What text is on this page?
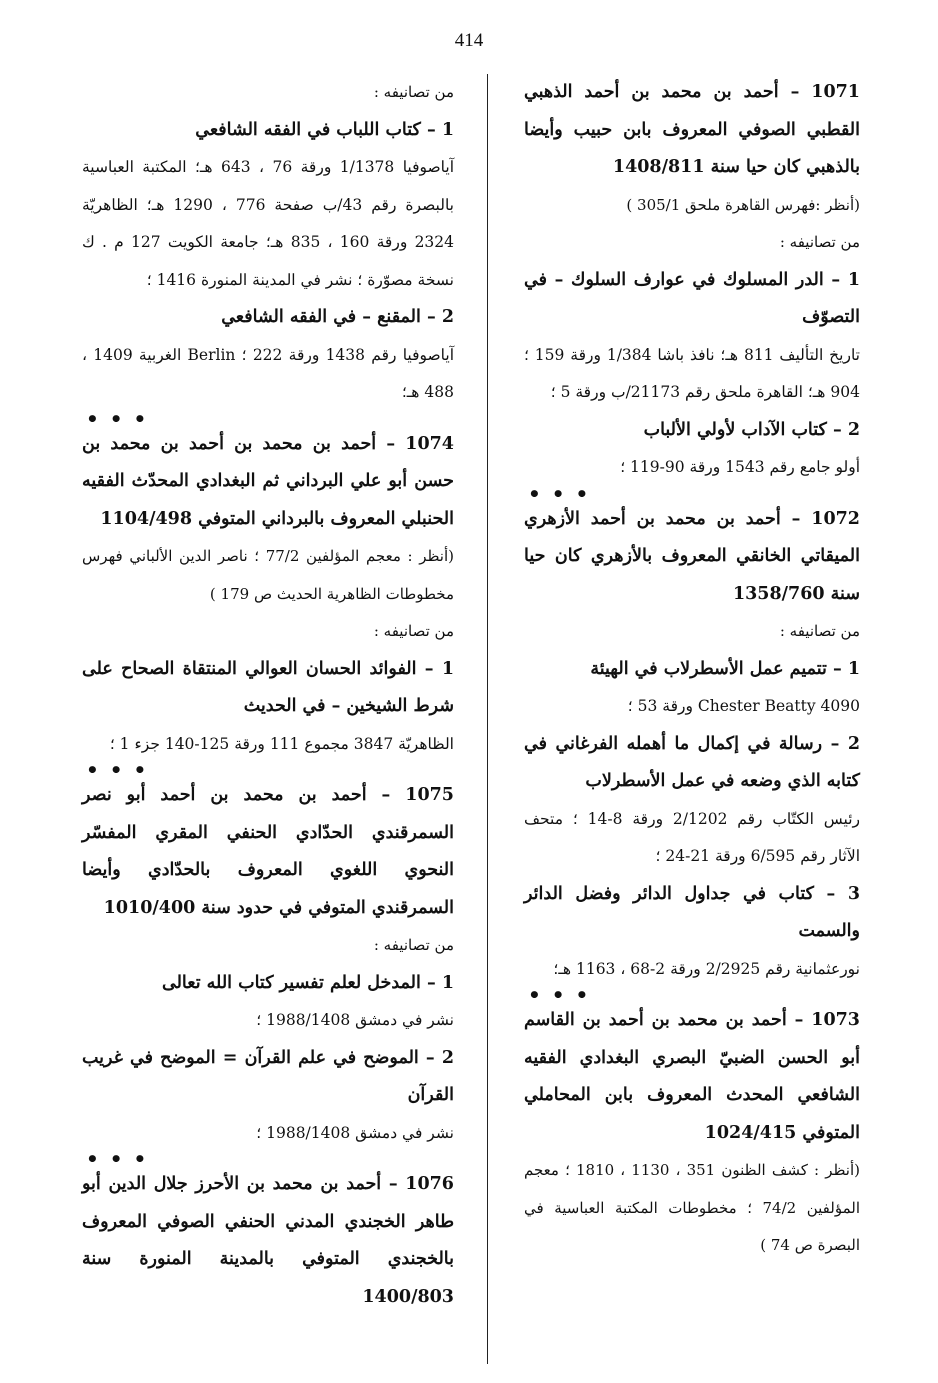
414
1071 – أحمد بن محمد بن أحمد الذهبي القطبي الصوفي المعروف بابن حبيب وأيضا بالذهبي كان حيا سنة 1408/811
(أنظر :فهرس القاهرة ملحق 305/1 )
من تصانيفه :
1 – الدر المسلوك في عوارف السلوك – في التصوّف
تاريخ التأليف 811 هـ؛ نافذ باشا 1/384 ورقة 159 ؛ 904 هـ؛ القاهرة ملحق رقم 21173/ب ورقة 5 ؛
2 – كتاب الآداب لأولي الألباب
أولو جامع رقم 1543 ورقة 90-119 ؛
• • •
1072 – أحمد بن محمد بن أحمد الأزهري الميقاتي الخانقي المعروف بالأزهري كان حيا سنة 1358/760
من تصانيفه :
1 – تتميم عمل الأسطرلاب في الهيئة
4090 Chester Beatty ورقة 53 ؛
2 – رسالة في إكمال ما أهمله الفرغاني في كتابه الذي وضعه في عمل الأسطرلاب
رئيس الكتّاب رقم 2/1202 ورقة 8-14 ؛ متحف الآثار رقم 6/595 ورقة 21-24 ؛
3 – كتاب في جداول الدائر وفضل الدائر والسمت
نورعثمانية رقم 2/2925 ورقة 2-68 ، 1163 هـ؛
• • •
1073 – أحمد بن محمد بن أحمد بن القاسم أبو الحسن الضبيّ البصري البغدادي الفقيه الشافعي المحدث المعروف بابن المحاملي المتوفي 1024/415
(أنظر : كشف الظنون 351 ، 1130 ، 1810 ؛ معجم المؤلفين 74/2 ؛ مخطوطات المكتبة العباسية في البصرة ص 74 )
من تصانيفه :
1 – كتاب اللباب في الفقه الشافعي
آياصوفيا 1/1378 ورقة 76 ، 643 هـ؛ المكتبة العباسية بالبصرة رقم 43/ب صفحة 776 ، 1290 هـ؛ الظاهريّة 2324 ورقة 160 ، 835 هـ؛ جامعة الكويت 127 م . ك نسخة مصوّرة ؛ نشر في المدينة المنورة 1416 ؛
2 – المقنع – في الفقه الشافعي
آياصوفيا رقم 1438 ورقة 222 ؛ Berlin الغربية 1409 ، 488 هـ؛
• • •
1074 – أحمد بن محمد بن أحمد بن محمد بن حسن أبو علي البرداني ثم البغدادي المحدّث الفقيه الحنبلي المعروف بالبرداني المتوفي 1104/498
(أنظر : معجم المؤلفين 77/2 ؛ ناصر الدين الألباني فهرس مخطوطات الظاهرية الحديث ص 179 )
من تصانيفه :
1 – الفوائد الحسان العوالي المنتقاة الصحاح على شرط الشيخين – في الحديث
الظاهريّة 3847 مجموع 111 ورقة 125-140 جزء 1 ؛
• • •
1075 – أحمد بن محمد بن أحمد أبو نصر السمرقندي الحدّادي الحنفي المقري المفسّر النحوي اللغوي المعروف بالحدّادي وأيضا السمرقندي المتوفي في حدود سنة 1010/400
من تصانيفه :
1 – المدخل لعلم تفسير كتاب الله تعالى
نشر في دمشق 1988/1408 ؛
2 – الموضح في علم القرآن = الموضح في غريب القرآن
نشر في دمشق 1988/1408 ؛
• • •
1076 – أحمد بن محمد بن الأحرز جلال الدين أبو طاهر الخجندي المدني الحنفي الصوفي المعروف بالخجندي المتوفي بالمدينة المنورة سنة 1400/803
